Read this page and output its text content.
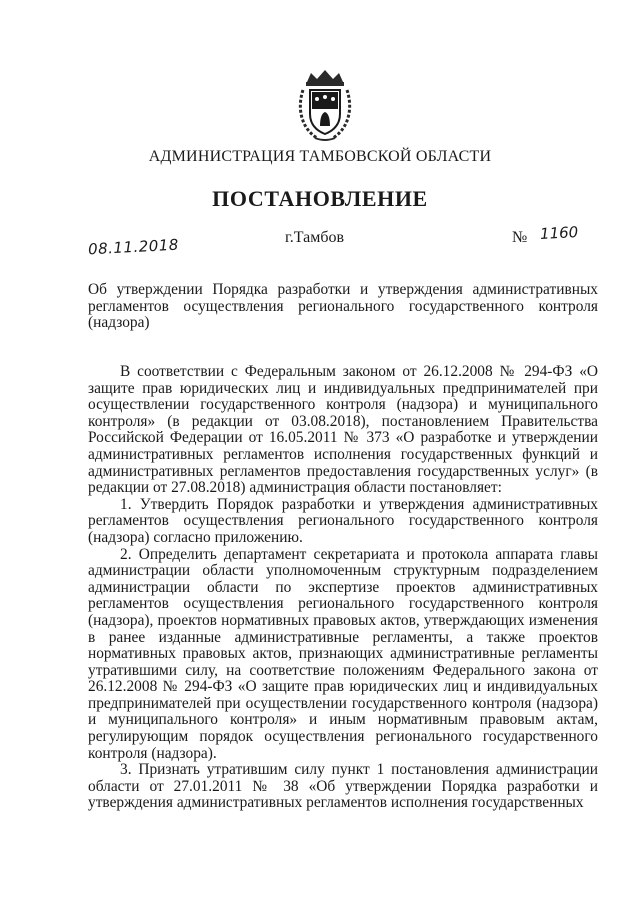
АДМИНИСТРАЦИЯ ТАМБОВСКОЙ ОБЛАСТИ
ПОСТАНОВЛЕНИЕ
08.11.2018	г.Тамбов	№ 1160
Об утверждении Порядка разработки и утверждения административных регламентов осуществления регионального государственного контроля (надзора)

В соответствии с Федеральным законом от 26.12.2008 № 294-ФЗ «О защите прав юридических лиц и индивидуальных предпринимателей при осуществлении государственного контроля (надзора) и муниципального контроля» (в редакции от 03.08.2018), постановлением Правительства Российской Федерации от 16.05.2011 № 373 «О разработке и утверждении административных регламентов исполнения государственных функций и административных регламентов предоставления государственных услуг» (в редакции от 27.08.2018) администрация области постановляет:

1. Утвердить Порядок разработки и утверждения административных регламентов осуществления регионального государственного контроля (надзора) согласно приложению.

2. Определить департамент секретариата и протокола аппарата главы администрации области уполномоченным структурным подразделением администрации области по экспертизе проектов административных регламентов осуществления регионального государственного контроля (надзора), проектов нормативных правовых актов, утверждающих изменения в ранее изданные административные регламенты, а также проектов нормативных правовых актов, признающих административные регламенты утратившими силу, на соответствие положениям Федерального закона от 26.12.2008 № 294-ФЗ «О защите прав юридических лиц и индивидуальных предпринимателей при осуществлении государственного контроля (надзора) и муниципального контроля» и иным нормативным правовым актам, регулирующим порядок осуществления регионального государственного контроля (надзора).

3. Признать утратившим силу пункт 1 постановления администрации области от 27.01.2011 № 38 «Об утверждении Порядка разработки и утверждения административных регламентов исполнения государственных
